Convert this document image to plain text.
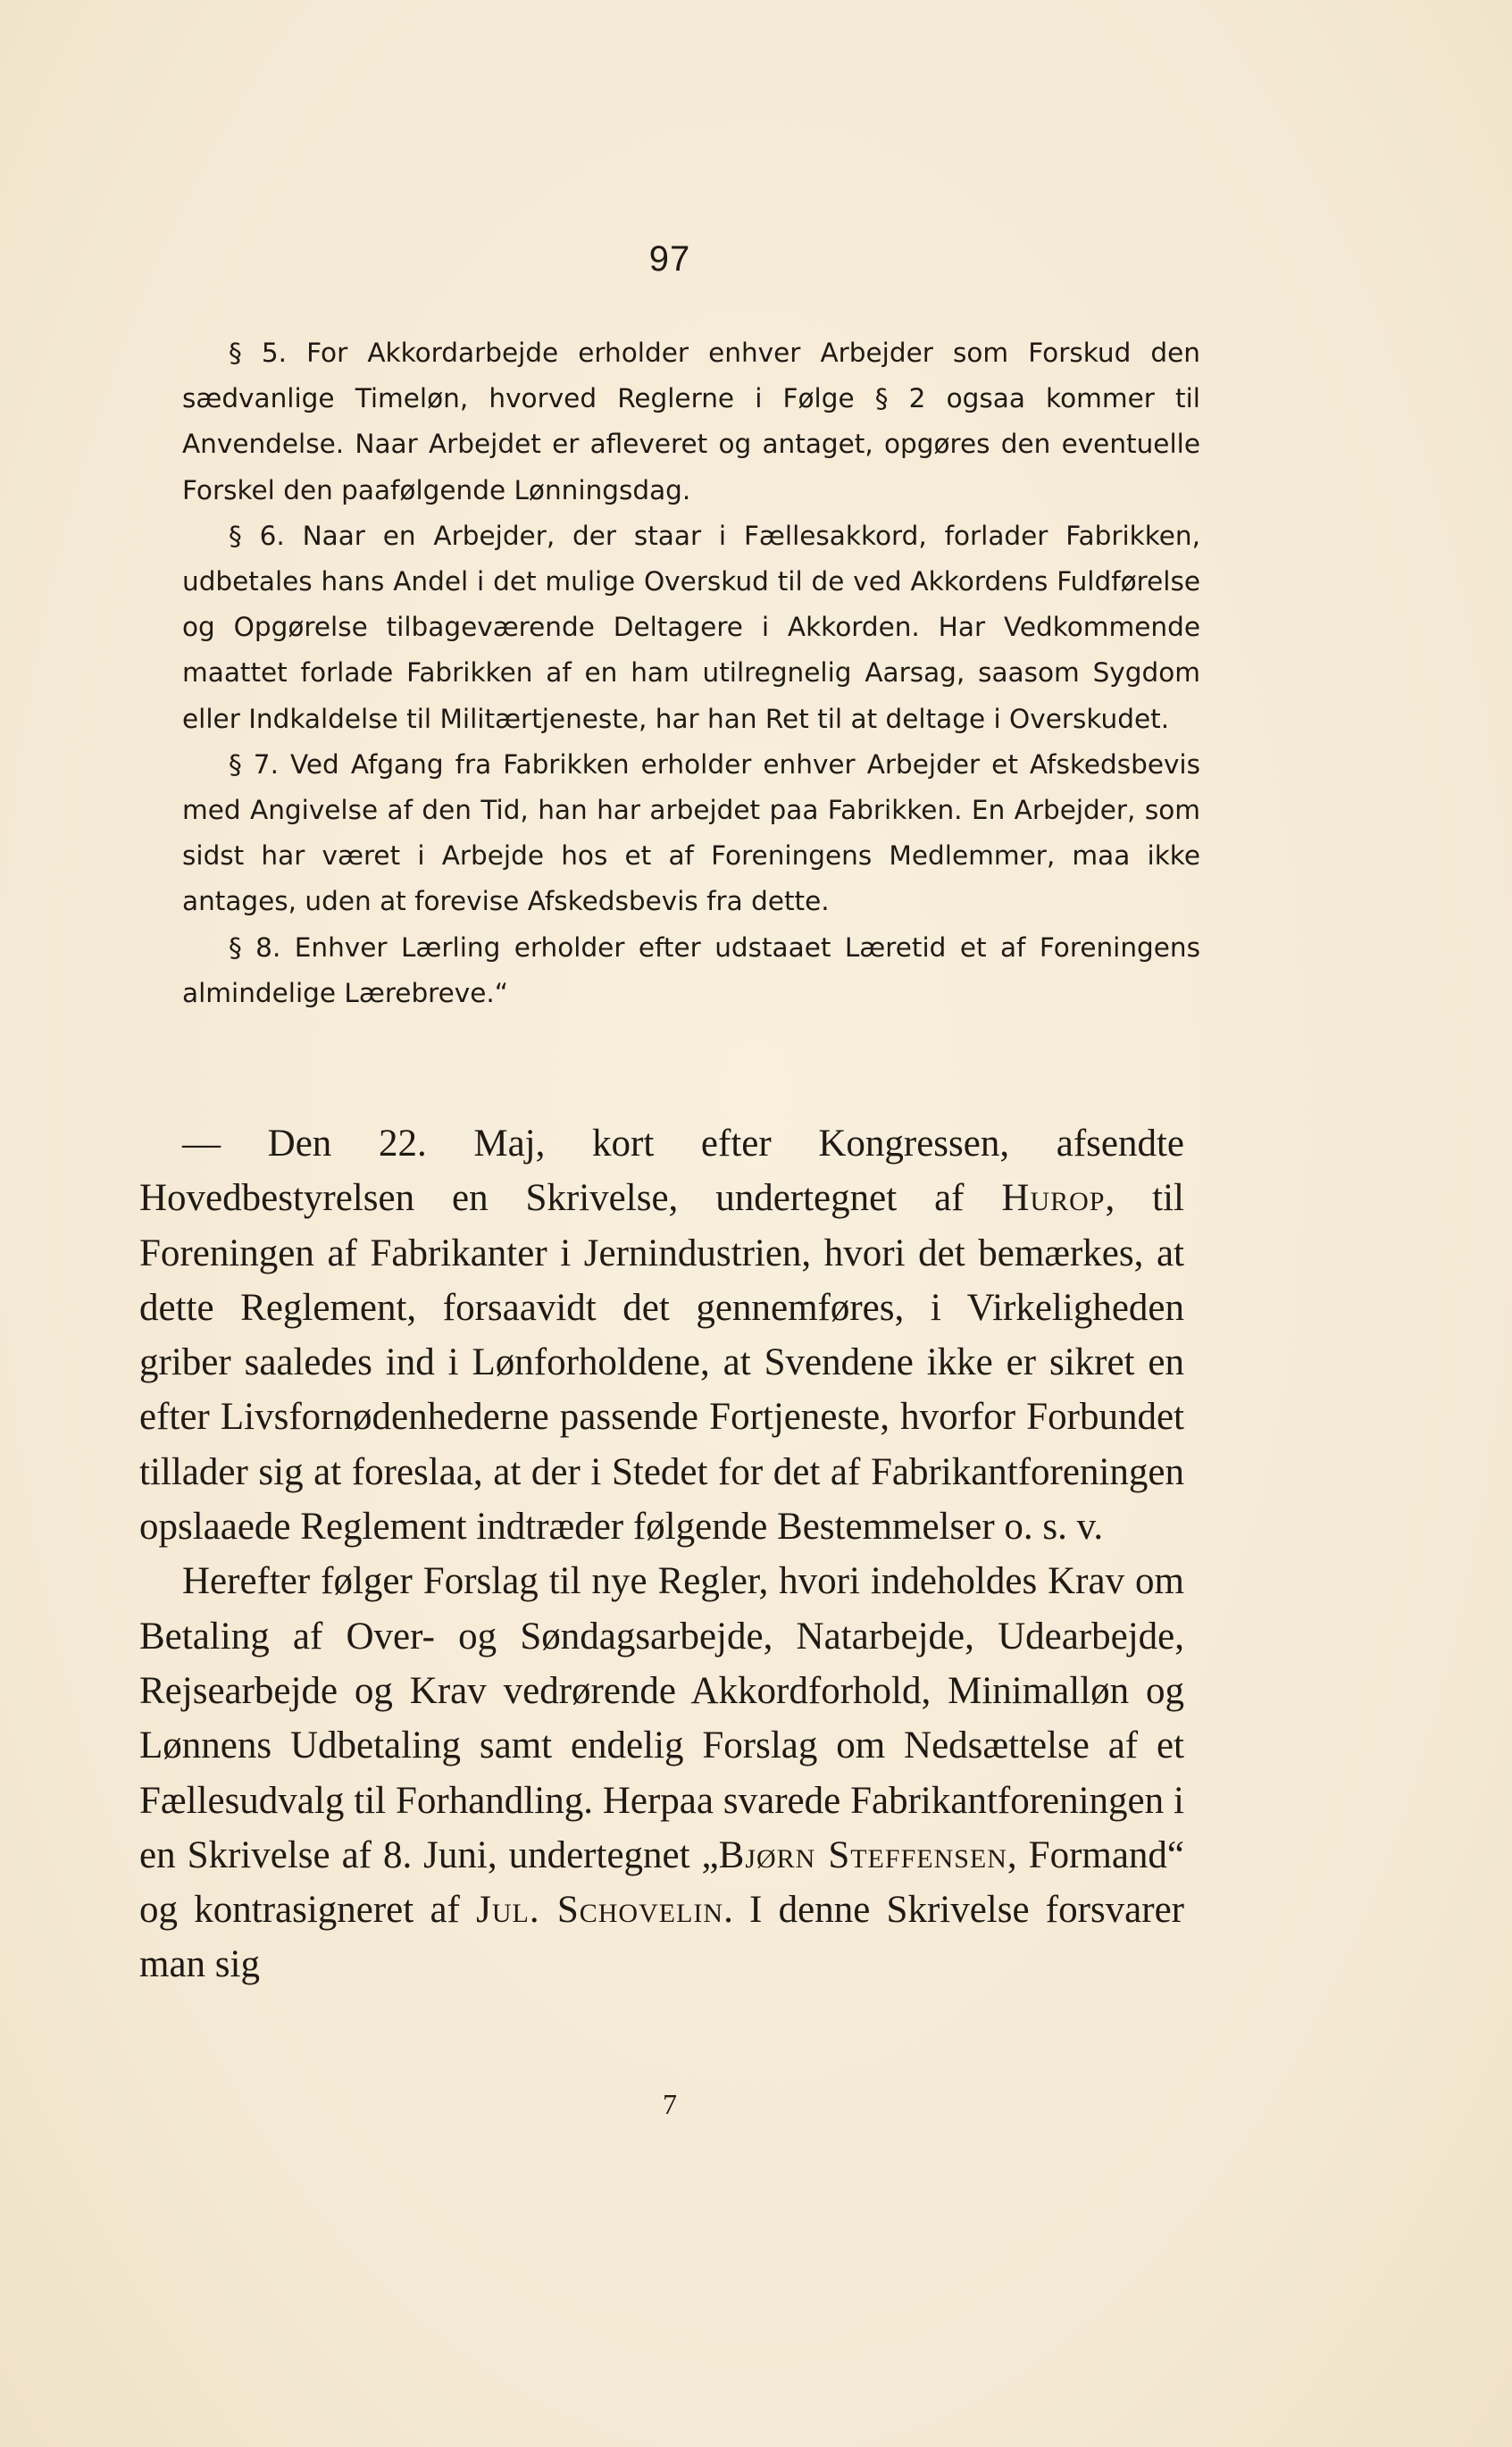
97

§ 5. For Akkordarbejde erholder enhver Arbejder som Forskud den sædvanlige Timeløn, hvorved Reglerne i Følge § 2 ogsaa kommer til Anvendelse. Naar Arbejdet er afleveret og antaget, opgøres den eventuelle Forskel den paafølgende Lønningsdag.

§ 6. Naar en Arbejder, der staar i Fællesakkord, forlader Fabrikken, udbetales hans Andel i det mulige Overskud til de ved Akkordens Fuldførelse og Opgørelse tilbageværende Deltagere i Akkorden. Har Vedkommende maattet forlade Fabrikken af en ham utilregnelig Aarsag, saasom Sygdom eller Indkaldelse til Militærtjeneste, har han Ret til at deltage i Overskudet.

§ 7. Ved Afgang fra Fabrikken erholder enhver Arbejder et Afskedsbevis med Angivelse af den Tid, han har arbejdet paa Fabrikken. En Arbejder, som sidst har været i Arbejde hos et af Foreningens Medlemmer, maa ikke antages, uden at forevise Afskedsbevis fra dette.

§ 8. Enhver Lærling erholder efter udstaaet Læretid et af Foreningens almindelige Lærebreve.“

— Den 22. Maj, kort efter Kongressen, afsendte Hovedbestyrelsen en Skrivelse, undertegnet af Hurop, til Foreningen af Fabrikanter i Jernindustrien, hvori det bemærkes, at dette Reglement, forsaavidt det gennemføres, i Virkeligheden griber saaledes ind i Lønforholdene, at Svendene ikke er sikret en efter Livsfornødenhederne passende Fortjeneste, hvorfor Forbundet tillader sig at foreslaa, at der i Stedet for det af Fabrikantforeningen opslaaede Reglement indtræder følgende Bestemmelser o. s. v.

Herefter følger Forslag til nye Regler, hvori indeholdes Krav om Betaling af Over- og Søndagsarbejde, Natarbejde, Udearbejde, Rejsearbejde og Krav vedrørende Akkordforhold, Minimalløn og Lønnens Udbetaling samt endelig Forslag om Nedsættelse af et Fællesudvalg til Forhandling. Herpaa svarede Fabrikantforeningen i en Skrivelse af 8. Juni, undertegnet „Bjørn Steffensen, Formand“ og kontrasigneret af Jul. Schovelin. I denne Skrivelse forsvarer man sig

7
